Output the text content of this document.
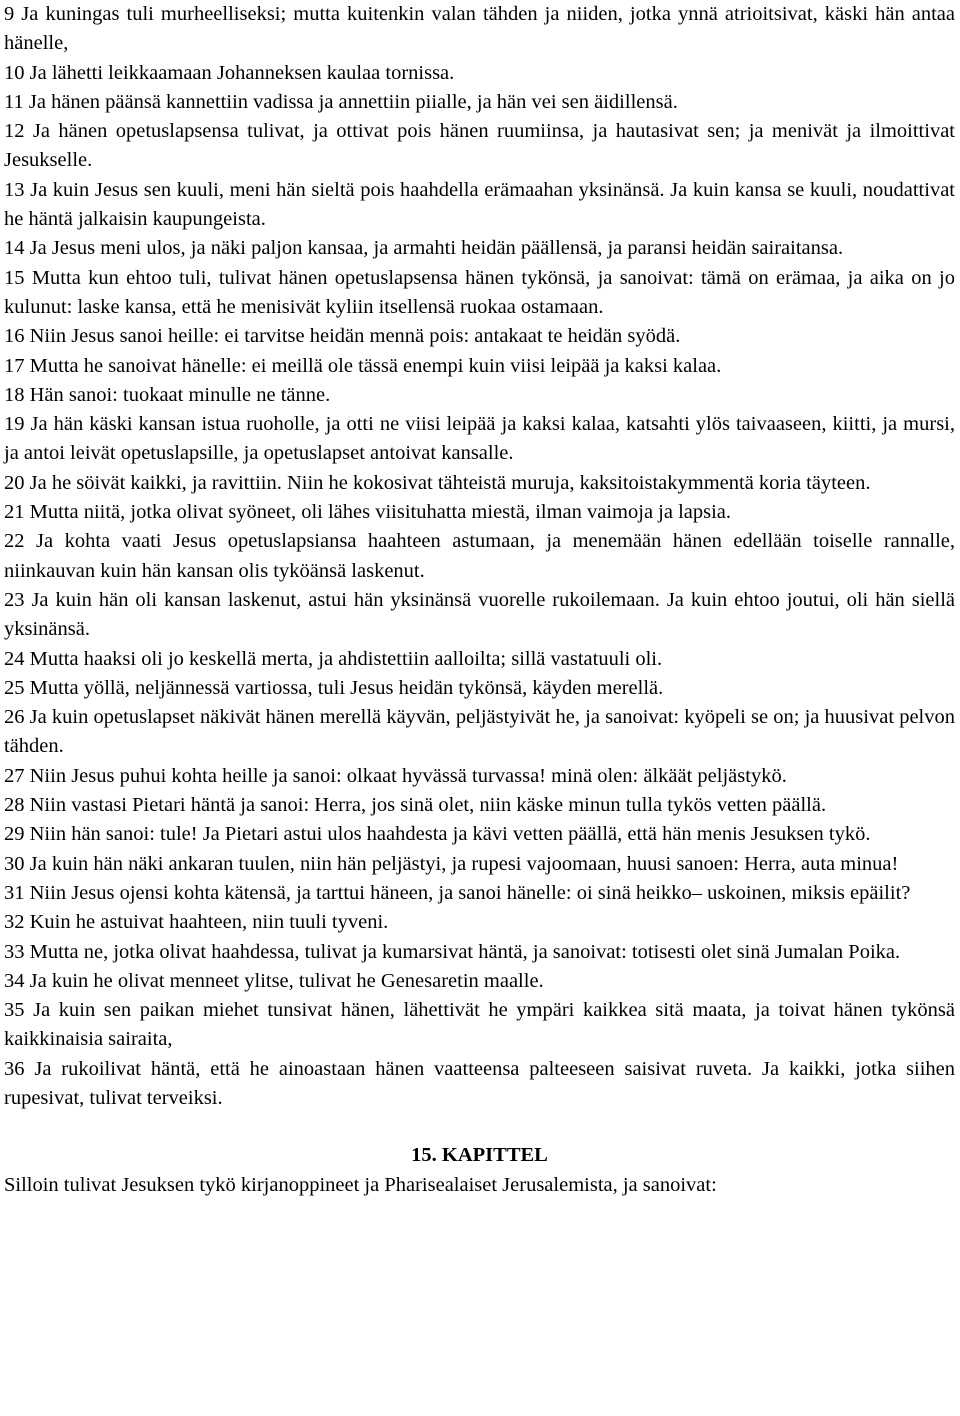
9 Ja kuningas tuli murheelliseksi; mutta kuitenkin valan tähden ja niiden, jotka ynnä atrioitsivat, käski hän antaa hänelle,

10 Ja lähetti leikkaamaan Johanneksen kaulaa tornissa.

11 Ja hänen päänsä kannettiin vadissa ja annettiin piialle, ja hän vei sen äidillensä.

12 Ja hänen opetuslapsensa tulivat, ja ottivat pois hänen ruumiinsa, ja hautasivat sen; ja menivät ja ilmoittivat Jesukselle.

13 Ja kuin Jesus sen kuuli, meni hän sieltä pois haahdella erämaahan yksinänsä. Ja kuin kansa se kuuli, noudattivat he häntä jalkaisin kaupungeista.

14 Ja Jesus meni ulos, ja näki paljon kansaa, ja armahti heidän päällensä, ja paransi heidän sairaitansa.

15 Mutta kun ehtoo tuli, tulivat hänen opetuslapsensa hänen tykönsä, ja sanoivat: tämä on erämaa, ja aika on jo kulunut: laske kansa, että he menisivät kyliin itsellensä ruokaa ostamaan.

16 Niin Jesus sanoi heille: ei tarvitse heidän mennä pois: antakaat te heidän syödä.

17 Mutta he sanoivat hänelle: ei meillä ole tässä enempi kuin viisi leipää ja kaksi kalaa.

18 Hän sanoi: tuokaat minulle ne tänne.

19 Ja hän käski kansan istua ruoholle, ja otti ne viisi leipää ja kaksi kalaa, katsahti ylös taivaaseen, kiitti, ja mursi, ja antoi leivät opetuslapsille, ja opetuslapset antoivat kansalle.

20 Ja he söivät kaikki, ja ravittiin. Niin he kokosivat tähteistä muruja, kaksitoistakymmentä koria täyteen.

21 Mutta niitä, jotka olivat syöneet, oli lähes viisituhatta miestä, ilman vaimoja ja lapsia.

22 Ja kohta vaati Jesus opetuslapsiansa haahteen astumaan, ja menemään hänen edellään toiselle rannalle, niinkauvan kuin hän kansan olis tyköänsä laskenut.

23 Ja kuin hän oli kansan laskenut, astui hän yksinänsä vuorelle rukoilemaan. Ja kuin ehtoo joutui, oli hän siellä yksinänsä.

24 Mutta haaksi oli jo keskellä merta, ja ahdistettiin aalloilta; sillä vastatuuli oli.

25 Mutta yöllä, neljännessä vartiossa, tuli Jesus heidän tykönsä, käyden merellä.

26 Ja kuin opetuslapset näkivät hänen merellä käyvän, peljästyivät he, ja sanoivat: kyöpeli se on; ja huusivat pelvon tähden.

27 Niin Jesus puhui kohta heille ja sanoi: olkaat hyvässä turvassa! minä olen: älkäät peljästykö.

28 Niin vastasi Pietari häntä ja sanoi: Herra, jos sinä olet, niin käske minun tulla tykös vetten päällä.

29 Niin hän sanoi: tule! Ja Pietari astui ulos haahdesta ja kävi vetten päällä, että hän menis Jesuksen tykö.

30 Ja kuin hän näki ankaran tuulen, niin hän peljästyi, ja rupesi vajoomaan, huusi sanoen: Herra, auta minua!

31 Niin Jesus ojensi kohta kätensä, ja tarttui häneen, ja sanoi hänelle: oi sinä heikko– uskoinen, miksis epäilit?

32 Kuin he astuivat haahteen, niin tuuli tyveni.

33 Mutta ne, jotka olivat haahdessa, tulivat ja kumarsivat häntä, ja sanoivat: totisesti olet sinä Jumalan Poika.

34 Ja kuin he olivat menneet ylitse, tulivat he Genesaretin maalle.

35 Ja kuin sen paikan miehet tunsivat hänen, lähettivät he ympäri kaikkea sitä maata, ja toivat hänen tykönsä kaikkinaisia sairaita,

36 Ja rukoilivat häntä, että he ainoastaan hänen vaatteensa palteeseen saisivat ruveta. Ja kaikki, jotka siihen rupesivat, tulivat terveiksi.

15. KAPITTEL

Silloin tulivat Jesuksen tykö kirjanoppineet ja Pharisealaiset Jerusalemista, ja sanoivat:
